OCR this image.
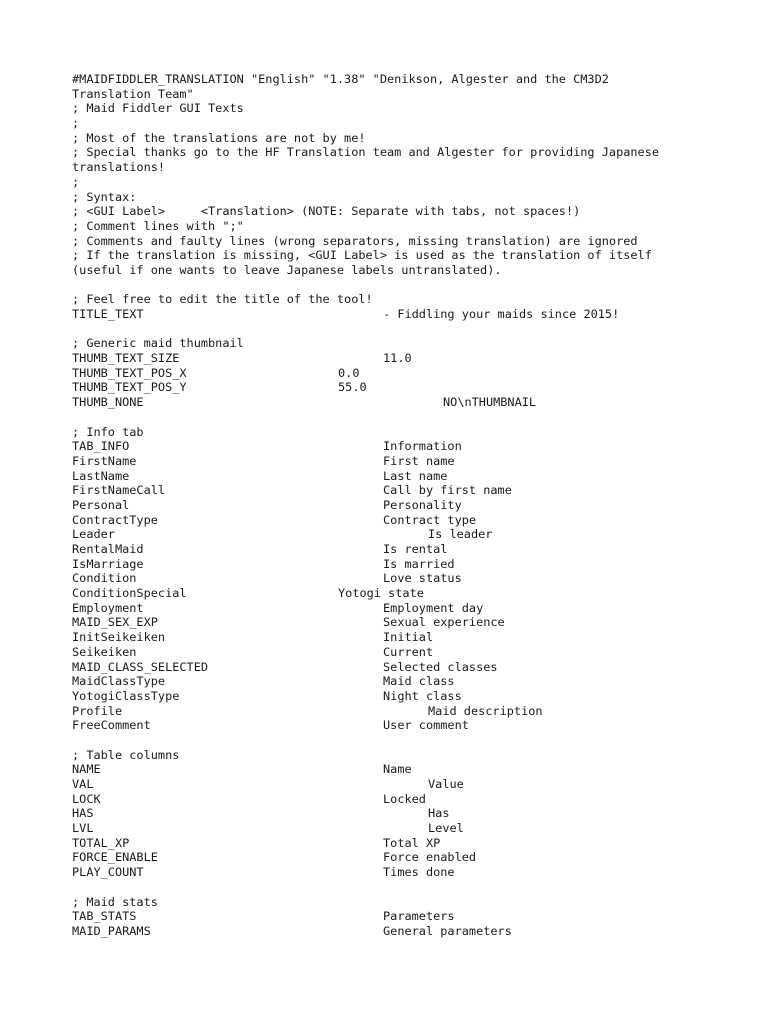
#MAIDFIDDLER_TRANSLATION "English" "1.38" "Denikson, Algester and the CM3D2
Translation Team"
; Maid Fiddler GUI Texts
;
; Most of the translations are not by me!
; Special thanks go to the HF Translation team and Algester for providing Japanese
translations!
;
; Syntax:
; <GUI Label>     <Translation> (NOTE: Separate with tabs, not spaces!)
; Comment lines with ";"
; Comments and faulty lines (wrong separators, missing translation) are ignored
; If the translation is missing, <GUI Label> is used as the translation of itself
(useful if one wants to leave Japanese labels untranslated).
; Feel free to edit the title of the tool!
TITLE_TEXT	- Fiddling your maids since 2015!
; Generic maid thumbnail
THUMB_TEXT_SIZE	11.0
THUMB_TEXT_POS_X	0.0
THUMB_TEXT_POS_Y	55.0
THUMB_NONE	NO\nTHUMBNAIL
; Info tab
TAB_INFO	Information
FirstName	First name
LastName	Last name
FirstNameCall	Call by first name
Personal	Personality
ContractType	Contract type
Leader	Is leader
RentalMaid	Is rental
IsMarriage	Is married
Condition	Love status
ConditionSpecial	Yotogi state
Employment	Employment day
MAID_SEX_EXP	Sexual experience
InitSeikeiken	Initial
Seikeiken	Current
MAID_CLASS_SELECTED	Selected classes
MaidClassType	Maid class
YotogiClassType	Night class
Profile	Maid description
FreeComment	User comment
; Table columns
NAME	Name
VAL	Value
LOCK	Locked
HAS	Has
LVL	Level
TOTAL_XP	Total XP
FORCE_ENABLE	Force enabled
PLAY_COUNT	Times done
; Maid stats
TAB_STATS	Parameters
MAID_PARAMS	General parameters
